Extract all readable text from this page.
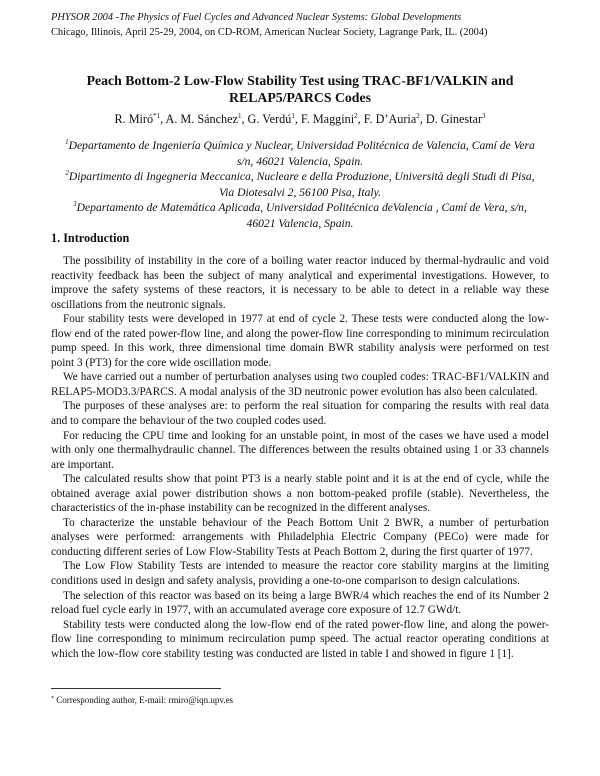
PHYSOR 2004 -The Physics of Fuel Cycles and Advanced Nuclear Systems: Global Developments
Chicago, Illinois, April 25-29, 2004, on CD-ROM, American Nuclear Society, Lagrange Park, IL. (2004)
Peach Bottom-2 Low-Flow Stability Test using TRAC-BF1/VALKIN and
RELAP5/PARCS Codes
R. Miró$^{*1}$, A. M. Sánchez$^1$, G. Verdú$^1$, F. Maggini$^2$, F. D’Auria$^2$, D. Ginestar$^3$

$^1$Departamento de Ingeniería Química y Nuclear, Universidad Politécnica de Valencia, Camí de Vera
s/n, 46021 Valencia, Spain.

$^2$Dipartimento di Ingegneria Meccanica, Nucleare e della Produzione, Università degli Studi di Pisa,
Via Diotesalvi 2, 56100 Pisa, Italy.

$^3$Departamento de Matemática Aplicada, Universidad Politécnica deValencia , Camí de Vera, s/n,
46021 Valencia, Spain.

1. Introduction

The possibility of instability in the core of a boiling water reactor induced by thermal-hydraulic and void reactivity feedback has been the subject of many analytical and experimental investigations. However, to improve the safety systems of these reactors, it is necessary to be able to detect in a reliable way these oscillations from the neutronic signals.

Four stability tests were developed in 1977 at end of cycle 2. These tests were conducted along the low-flow end of the rated power-flow line, and along the power-flow line corresponding to minimum recirculation pump speed. In this work, three dimensional time domain BWR stability analysis were performed on test point 3 (PT3) for the core wide oscillation mode.

We have carried out a number of perturbation analyses using two coupled codes: TRAC-BF1/VALKIN and RELAP5-MOD3.3/PARCS. A modal analysis of the 3D neutronic power evolution has also been calculated.

The purposes of these analyses are: to perform the real situation for comparing the results with real data and to compare the behaviour of the two coupled codes used.

For reducing the CPU time and looking for an unstable point, in most of the cases we have used a model with only one thermalhydraulic channel. The differences between the results obtained using 1 or 33 channels are important.

The calculated results show that point PT3 is a nearly stable point and it is at the end of cycle, while the obtained average axial power distribution shows a non bottom-peaked profile (stable). Nevertheless, the characteristics of the in-phase instability can be recognized in the different analyses.

To characterize the unstable behaviour of the Peach Bottom Unit 2 BWR, a number of perturbation analyses were performed: arrangements with Philadelphia Electric Company (PECo) were made for conducting different series of Low Flow-Stability Tests at Peach Bottom 2, during the first quarter of 1977.

The Low Flow Stability Tests are intended to measure the reactor core stability margins at the limiting conditions used in design and safety analysis, providing a one-to-one comparison to design calculations.

The selection of this reactor was based on its being a large BWR/4 which reaches the end of its Number 2 reload fuel cycle early in 1977, with an accumulated average core exposure of 12.7 GWd/t.

Stability tests were conducted along the low-flow end of the rated power-flow line, and along the power-flow line corresponding to minimum recirculation pump speed. The actual reactor operating conditions at which the low-flow core stability testing was conducted are listed in table I and showed in figure 1 [1].

* Corresponding author, E-mail: rmiro@iqn.upv.es
